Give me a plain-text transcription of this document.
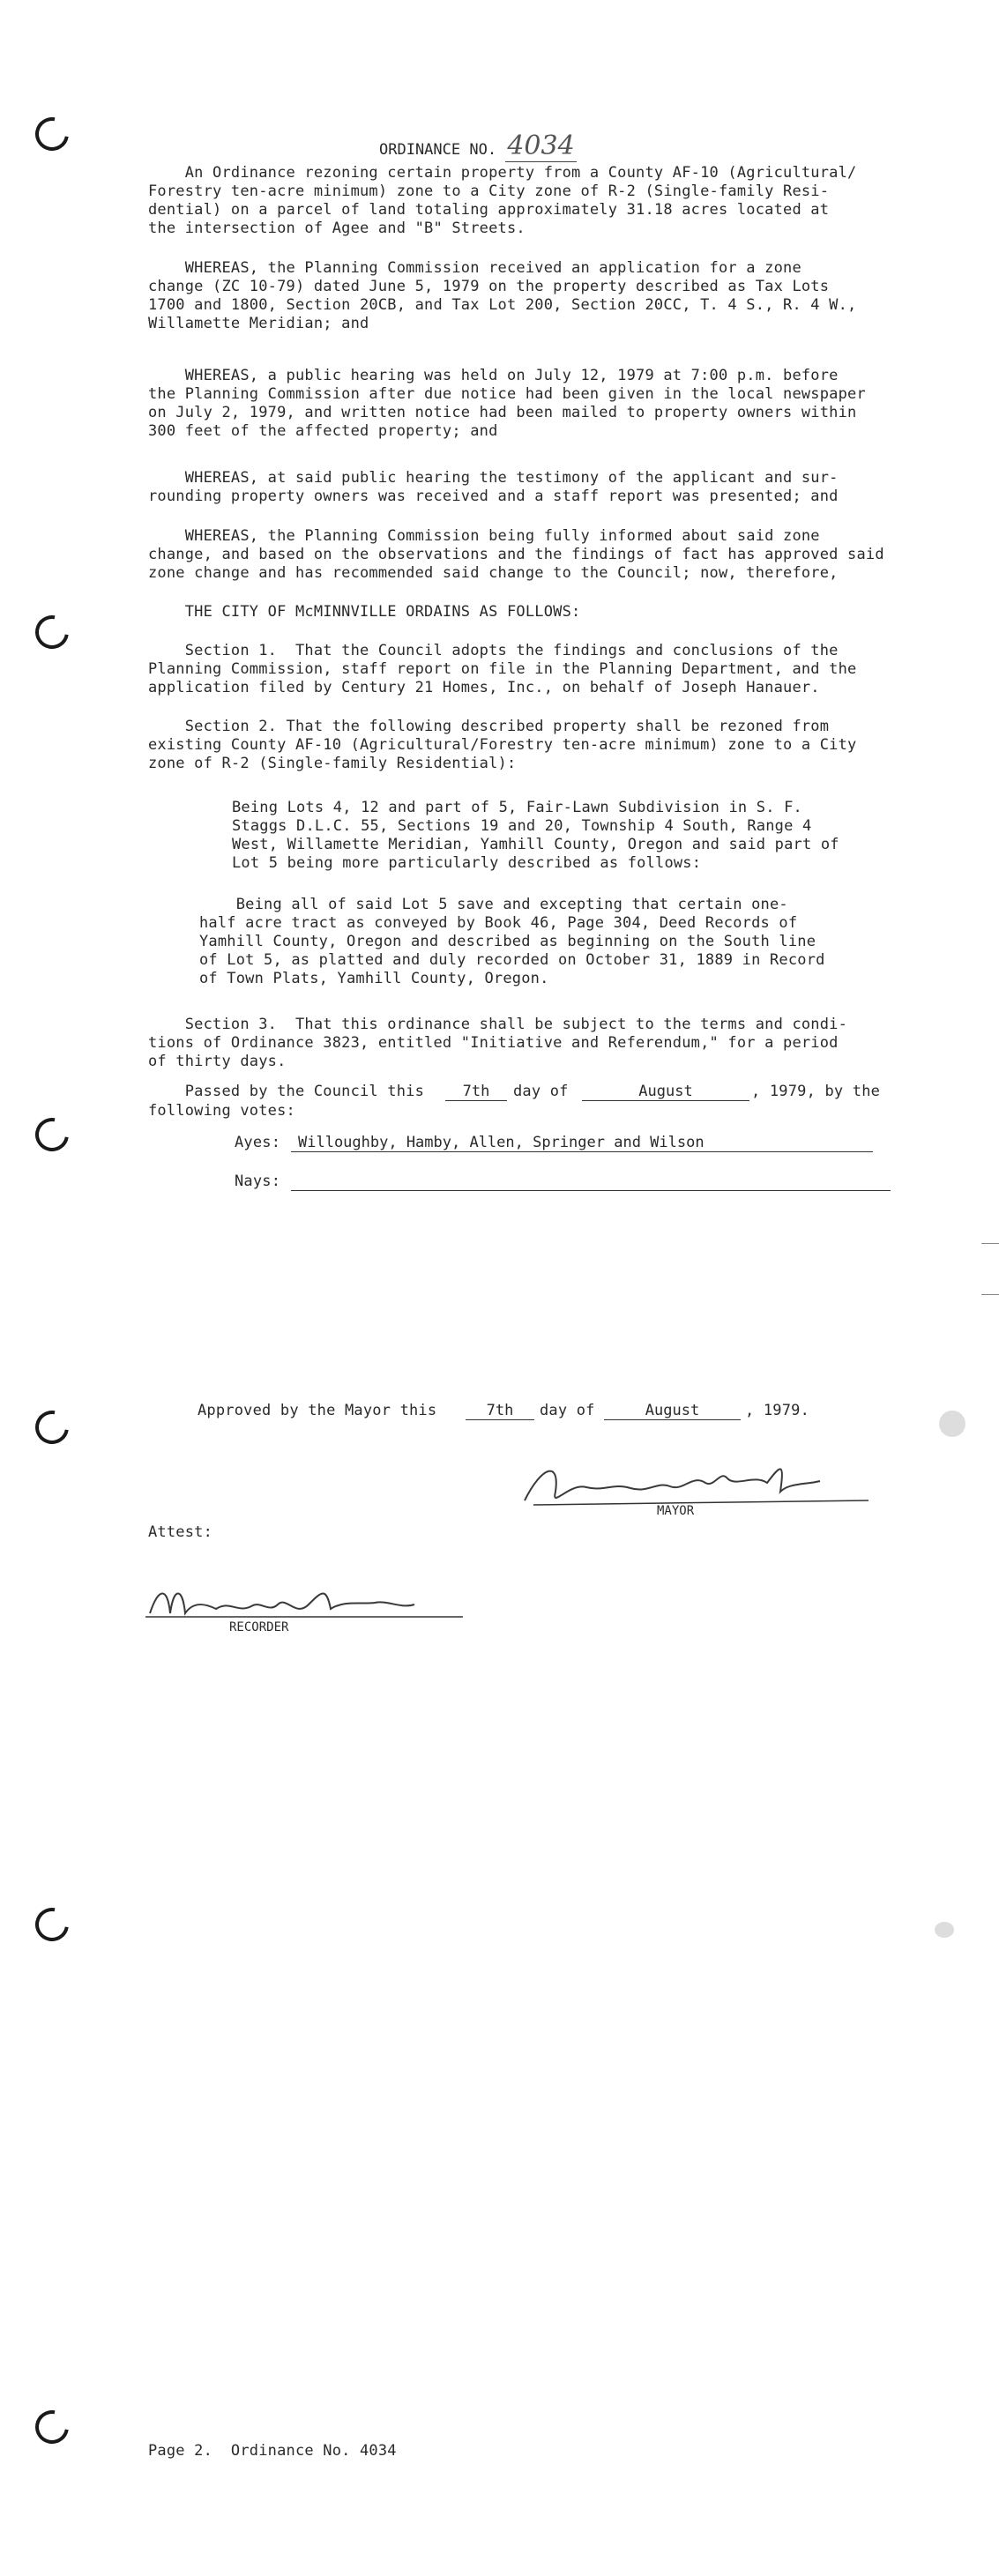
ORDINANCE NO. 4034
An Ordinance rezoning certain property from a County AF-10 (Agricultural/
Forestry ten-acre minimum) zone to a City zone of R-2 (Single-family Resi-
dential) on a parcel of land totaling approximately 31.18 acres located at
the intersection of Agee and "B" Streets.
WHEREAS, the Planning Commission received an application for a zone
change (ZC 10-79) dated June 5, 1979 on the property described as Tax Lots
1700 and 1800, Section 20CB, and Tax Lot 200, Section 20CC, T. 4 S., R. 4 W.,
Willamette Meridian; and
WHEREAS, a public hearing was held on July 12, 1979 at 7:00 p.m. before
the Planning Commission after due notice had been given in the local newspaper
on July 2, 1979, and written notice had been mailed to property owners within
300 feet of the affected property; and
WHEREAS, at said public hearing the testimony of the applicant and sur-
rounding property owners was received and a staff report was presented; and
WHEREAS, the Planning Commission being fully informed about said zone
change, and based on the observations and the findings of fact has approved said
zone change and has recommended said change to the Council; now, therefore,
THE CITY OF McMINNVILLE ORDAINS AS FOLLOWS:
Section 1.  That the Council adopts the findings and conclusions of the
Planning Commission, staff report on file in the Planning Department, and the
application filed by Century 21 Homes, Inc., on behalf of Joseph Hanauer.
Section 2. That the following described property shall be rezoned from
existing County AF-10 (Agricultural/Forestry ten-acre minimum) zone to a City
zone of R-2 (Single-family Residential):
Being Lots 4, 12 and part of 5, Fair-Lawn Subdivision in S. F.
Staggs D.L.C. 55, Sections 19 and 20, Township 4 South, Range 4
West, Willamette Meridian, Yamhill County, Oregon and said part of
Lot 5 being more particularly described as follows:
Being all of said Lot 5 save and excepting that certain one-
half acre tract as conveyed by Book 46, Page 304, Deed Records of
Yamhill County, Oregon and described as beginning on the South line
of Lot 5, as platted and duly recorded on October 31, 1889 in Record
of Town Plats, Yamhill County, Oregon.
Section 3.  That this ordinance shall be subject to the terms and condi-
tions of Ordinance 3823, entitled "Initiative and Referendum," for a period
of thirty days.
Passed by the Council this	7th	day of	August	, 1979, by the
following votes:
Ayes:	Willoughby, Hamby, Allen, Springer and Wilson
Nays:
Approved by the Mayor this	7th	day of	August	, 1979.
MAYOR
Attest:
RECORDER
Page 2.  Ordinance No. 4034
